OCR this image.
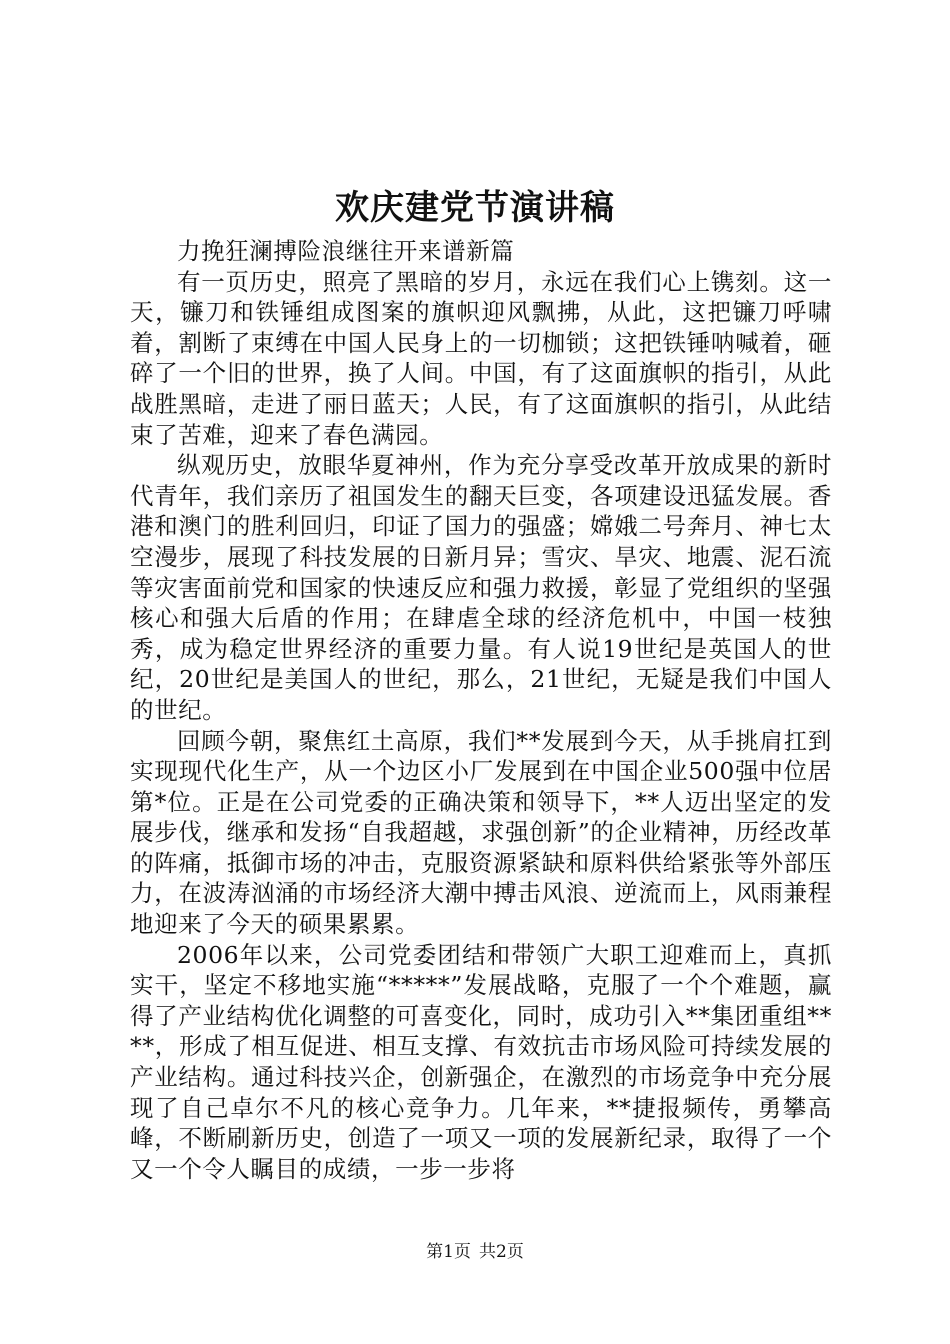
欢庆建党节演讲稿

力挽狂澜搏险浪继往开来谱新篇

有一页历史，照亮了黑暗的岁月，永远在我们心上镌刻。这一天，镰刀和铁锤组成图案的旗帜迎风飘拂，从此，这把镰刀呼啸着，割断了束缚在中国人民身上的一切枷锁；这把铁锤呐喊着，砸碎了一个旧的世界，换了人间。中国，有了这面旗帜的指引，从此战胜黑暗，走进了丽日蓝天；人民，有了这面旗帜的指引，从此结束了苦难，迎来了春色满园。

纵观历史，放眼华夏神州，作为充分享受改革开放成果的新时代青年，我们亲历了祖国发生的翻天巨变，各项建设迅猛发展。香港和澳门的胜利回归，印证了国力的强盛；嫦娥二号奔月、神七太空漫步，展现了科技发展的日新月异；雪灾、旱灾、地震、泥石流等灾害面前党和国家的快速反应和强力救援，彰显了党组织的坚强核心和强大后盾的作用；在肆虐全球的经济危机中，中国一枝独秀，成为稳定世界经济的重要力量。有人说19世纪是英国人的世纪，20世纪是美国人的世纪，那么，21世纪，无疑是我们中国人的世纪。

回顾今朝，聚焦红土高原，我们**发展到今天，从手挑肩扛到实现现代化生产，从一个边区小厂发展到在中国企业500强中位居第*位。正是在公司党委的正确决策和领导下，**人迈出坚定的发展步伐，继承和发扬“自我超越，求强创新”的企业精神，历经改革的阵痛，抵御市场的冲击，克服资源紧缺和原料供给紧张等外部压力，在波涛汹涌的市场经济大潮中搏击风浪、逆流而上，风雨兼程地迎来了今天的硕果累累。

2006年以来，公司党委团结和带领广大职工迎难而上，真抓实干，坚定不移地实施“*****”发展战略，克服了一个个难题，赢得了产业结构优化调整的可喜变化，同时，成功引入**集团重组****，形成了相互促进、相互支撑、有效抗击市场风险可持续发展的产业结构。通过科技兴企，创新强企，在激烈的市场竞争中充分展现了自己卓尔不凡的核心竞争力。几年来，**捷报频传，勇攀高峰，不断刷新历史，创造了一项又一项的发展新纪录，取得了一个又一个令人瞩目的成绩，一步一步将

第1页 共2页
